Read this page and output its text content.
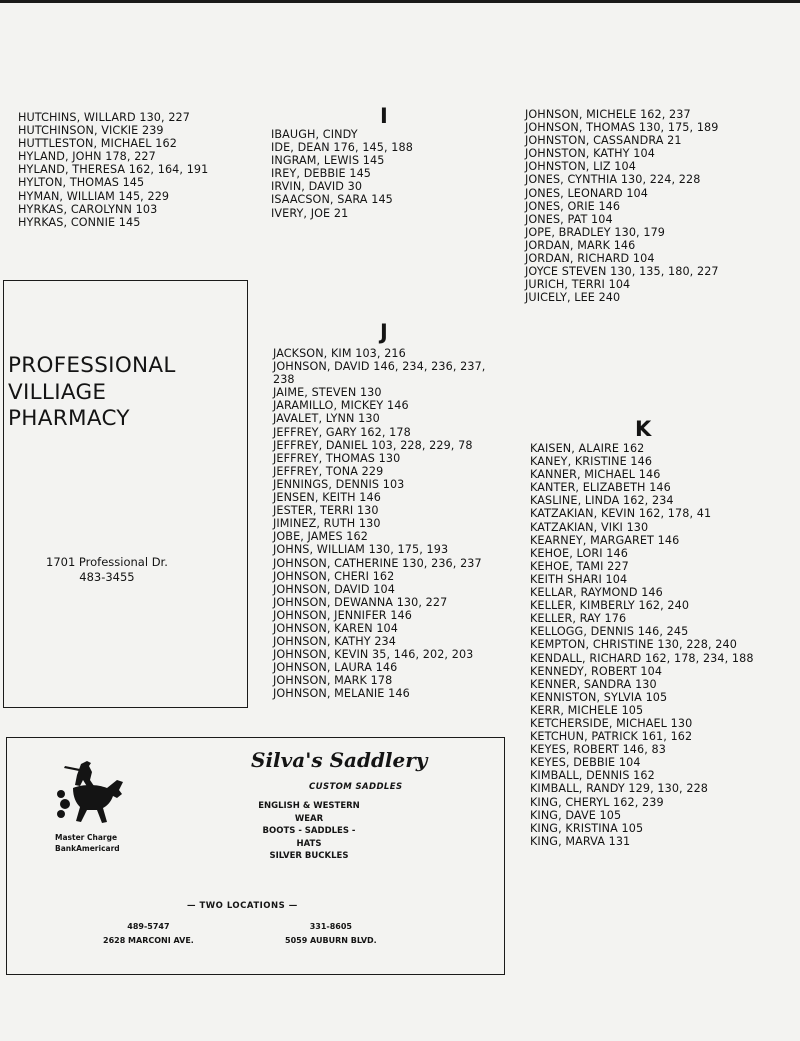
HUTCHINS, WILLARD 130, 227
HUTCHINSON, VICKIE 239
HUTTLESTON, MICHAEL 162
HYLAND, JOHN 178, 227
HYLAND, THERESA 162, 164, 191
HYLTON, THOMAS 145
HYMAN, WILLIAM 145, 229
HYRKAS, CAROLYNN 103
HYRKAS, CONNIE 145
I
IBAUGH, CINDY
IDE, DEAN 176, 145, 188
INGRAM, LEWIS 145
IREY, DEBBIE 145
IRVIN, DAVID 30
ISAACSON, SARA 145
IVERY, JOE 21
J
JACKSON, KIM 103, 216
JOHNSON, DAVID 146, 234, 236, 237,
238
JAIME, STEVEN 130
JARAMILLO, MICKEY 146
JAVALET, LYNN 130
JEFFREY, GARY 162, 178
JEFFREY, DANIEL 103, 228, 229, 78
JEFFREY, THOMAS 130
JEFFREY, TONA 229
JENNINGS, DENNIS 103
JENSEN, KEITH 146
JESTER, TERRI 130
JIMINEZ, RUTH 130
JOBE, JAMES 162
JOHNS, WILLIAM 130, 175, 193
JOHNSON, CATHERINE 130, 236, 237
JOHNSON, CHERI 162
JOHNSON, DAVID 104
JOHNSON, DEWANNA 130, 227
JOHNSON, JENNIFER 146
JOHNSON, KAREN 104
JOHNSON, KATHY 234
JOHNSON, KEVIN 35, 146, 202, 203
JOHNSON, LAURA 146
JOHNSON, MARK 178
JOHNSON, MELANIE 146
JOHNSON, MICHELE 162, 237
JOHNSON, THOMAS 130, 175, 189
JOHNSTON, CASSANDRA 21
JOHNSTON, KATHY 104
JOHNSTON, LIZ 104
JONES, CYNTHIA 130, 224, 228
JONES, LEONARD 104
JONES, ORIE 146
JONES, PAT 104
JOPE, BRADLEY 130, 179
JORDAN, MARK 146
JORDAN, RICHARD 104
JOYCE STEVEN 130, 135, 180, 227
JURICH, TERRI 104
JUICELY, LEE 240
K
KAISEN, ALAIRE 162
KANEY, KRISTINE 146
KANNER, MICHAEL 146
KANTER, ELIZABETH 146
KASLINE, LINDA 162, 234
KATZAKIAN, KEVIN 162, 178, 41
KATZAKIAN, VIKI 130
KEARNEY, MARGARET 146
KEHOE, LORI 146
KEHOE, TAMI 227
KEITH SHARI 104
KELLAR, RAYMOND 146
KELLER, KIMBERLY 162, 240
KELLER, RAY 176
KELLOGG, DENNIS 146, 245
KEMPTON, CHRISTINE 130, 228, 240
KENDALL, RICHARD 162, 178, 234, 188
KENNEDY, ROBERT 104
KENNER, SANDRA 130
KENNISTON, SYLVIA 105
KERR, MICHELE 105
KETCHERSIDE, MICHAEL 130
KETCHUN, PATRICK 161, 162
KEYES, ROBERT 146, 83
KEYES, DEBBIE 104
KIMBALL, DENNIS 162
KIMBALL, RANDY 129, 130, 228
KING, CHERYL 162, 239
KING, DAVE 105
KING, KRISTINA 105
KING, MARVA 131
PROFESSIONAL
VILLIAGE
PHARMACY
1701 Professional Dr.
483-3455
Master Charge
BankAmericard
Silva's Saddlery
CUSTOM SADDLES
ENGLISH & WESTERN WEAR
BOOTS - SADDLES - HATS
SILVER BUCKLES
— TWO LOCATIONS —
489-5747
2628 MARCONI AVE.
331-8605
5059 AUBURN BLVD.
